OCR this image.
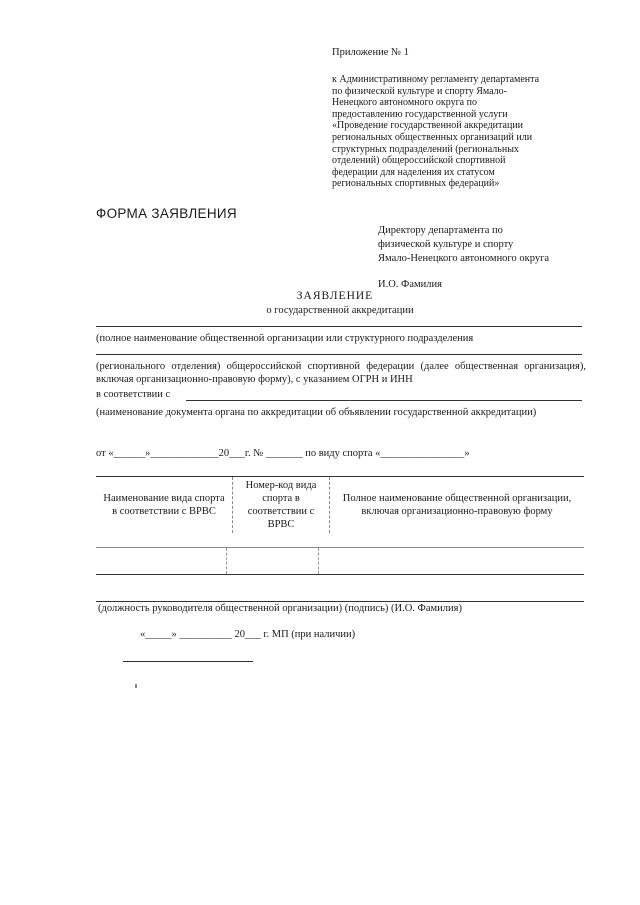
Приложение № 1
к Административному регламенту департамента
по физической культуре и спорту Ямало-
Ненецкого автономного округа по
предоставлению государственной услуги
«Проведение государственной аккредитации
региональных общественных организаций или
структурных подразделений (региональных
отделений) общероссийской спортивной
федерации для наделения их статусом
региональных спортивных федераций»
ФОРМА ЗАЯВЛЕНИЯ
Директору департамента по
физической культуре и спорту
Ямало-Ненецкого автономного округа
И.О. Фамилия
ЗАЯВЛЕНИЕ
о государственной аккредитации
(полное наименование общественной организации или структурного подразделения
(регионального отделения) общероссийской спортивной федерации (далее общественная организация), включая организационно-правовую форму), с указанием ОГРН и ИНН
в соответствии с
(наименование документа органа по аккредитации об объявлении государственной аккредитации)
от «______»_____________20___г. № _______ по виду спорта «________________»
Наименование вида спорта в соответствии с ВРВС	Номер-код вида спорта в соответствии с ВРВС	Полное наименование общественной организации, включая организационно-правовую форму
(должность руководителя общественной организации) (подпись) (И.О. Фамилия)
«_____» __________ 20___ г. МП (при наличии)
